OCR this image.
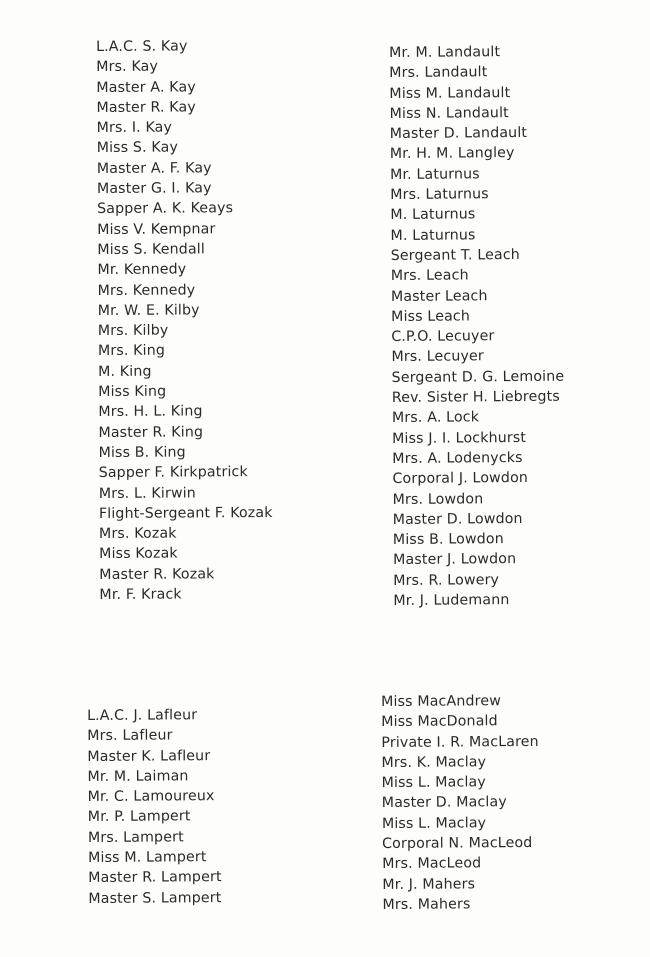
L.A.C. S. Kay
Mrs. Kay
Master A. Kay
Master R. Kay
Mrs. I. Kay
Miss S. Kay
Master A. F. Kay
Master G. I. Kay
Sapper A. K. Keays
Miss V. Kempnar
Miss S. Kendall
Mr. Kennedy
Mrs. Kennedy
Mr. W. E. Kilby
Mrs. Kilby
Mrs. King
M. King
Miss King
Mrs. H. L. King
Master R. King
Miss B. King
Sapper F. Kirkpatrick
Mrs. L. Kirwin
Flight-Sergeant F. Kozak
Mrs. Kozak
Miss Kozak
Master R. Kozak
Mr. F. Krack
Mr. M. Landault
Mrs. Landault
Miss M. Landault
Miss N. Landault
Master D. Landault
Mr. H. M. Langley
Mr. Laturnus
Mrs. Laturnus
M. Laturnus
M. Laturnus
Sergeant T. Leach
Mrs. Leach
Master Leach
Miss Leach
C.P.O. Lecuyer
Mrs. Lecuyer
Sergeant D. G. Lemoine
Rev. Sister H. Liebregts
Mrs. A. Lock
Miss J. I. Lockhurst
Mrs. A. Lodenycks
Corporal J. Lowdon
Mrs. Lowdon
Master D. Lowdon
Miss B. Lowdon
Master J. Lowdon
Mrs. R. Lowery
Mr. J. Ludemann
L.A.C. J. Lafleur
Mrs. Lafleur
Master K. Lafleur
Mr. M. Laiman
Mr. C. Lamoureux
Mr. P. Lampert
Mrs. Lampert
Miss M. Lampert
Master R. Lampert
Master S. Lampert
Miss MacAndrew
Miss MacDonald
Private I. R. MacLaren
Mrs. K. Maclay
Miss L. Maclay
Master D. Maclay
Miss L. Maclay
Corporal N. MacLeod
Mrs. MacLeod
Mr. J. Mahers
Mrs. Mahers
